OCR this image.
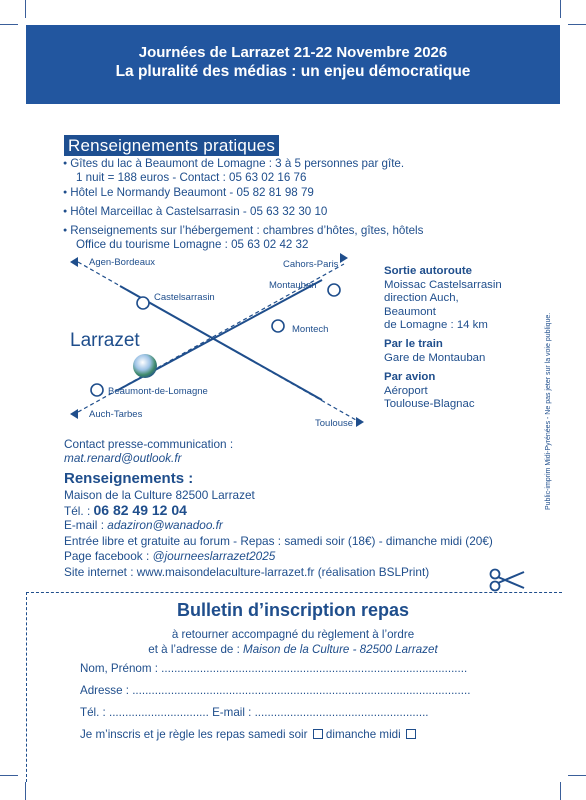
Journées de Larrazet 21-22 Novembre 2026
La pluralité des médias : un enjeu démocratique
Renseignements pratiques
● Gîtes du lac à Beaumont de Lomagne : 3 à 5 personnes par gîte.
1 nuit = 188 euros - Contact : 05 63 02 16 76
● Hôtel Le Normandy Beaumont - 05 82 81 98 79
● Hôtel Marceillac à Castelsarrasin - 05 63 32 30 10
● Renseignements sur l’hébergement : chambres d’hôtes, gîtes, hôtels
Office du tourisme Lomagne : 05 63 02 42 32
Agen-Bordeaux	Cahors-Paris
Castelsarrasin
Montauban
Montech
Larrazet
Beaumont-de-Lomagne
Auch-Tarbes
Toulouse
Sortie autoroute
Moissac Castelsarrasin
direction Auch,
Beaumont
de Lomagne : 14 km
Par le train
Gare de Montauban
Par avion
Aéroport
Toulouse-Blagnac	Public-imprim Midi-Pyrénées - Ne pas jeter sur la voie publique.
Contact presse-communication :
mat.renard@outlook.fr
Renseignements :
Maison de la Culture 82500 Larrazet
Tél. : 06 82 49 12 04
E-mail : adaziron@wanadoo.fr
Entrée libre et gratuite au forum - Repas : samedi soir (18€) - dimanche midi (20€)
Page facebook : @journeeslarrazet2025
Site internet : www.maisondelaculture-larrazet.fr (réalisation BSLPrint)
Bulletin d’inscription repas
à retourner accompagné du règlement à l’ordre
et à l’adresse de : Maison de la Culture - 82500 Larrazet
Nom, Prénom : ...............................................................................................
Adresse : .........................................................................................................
Tél. : ............................... E-mail : ......................................................
Je m’inscris et je règle les repas samedi soir dimanche midi
